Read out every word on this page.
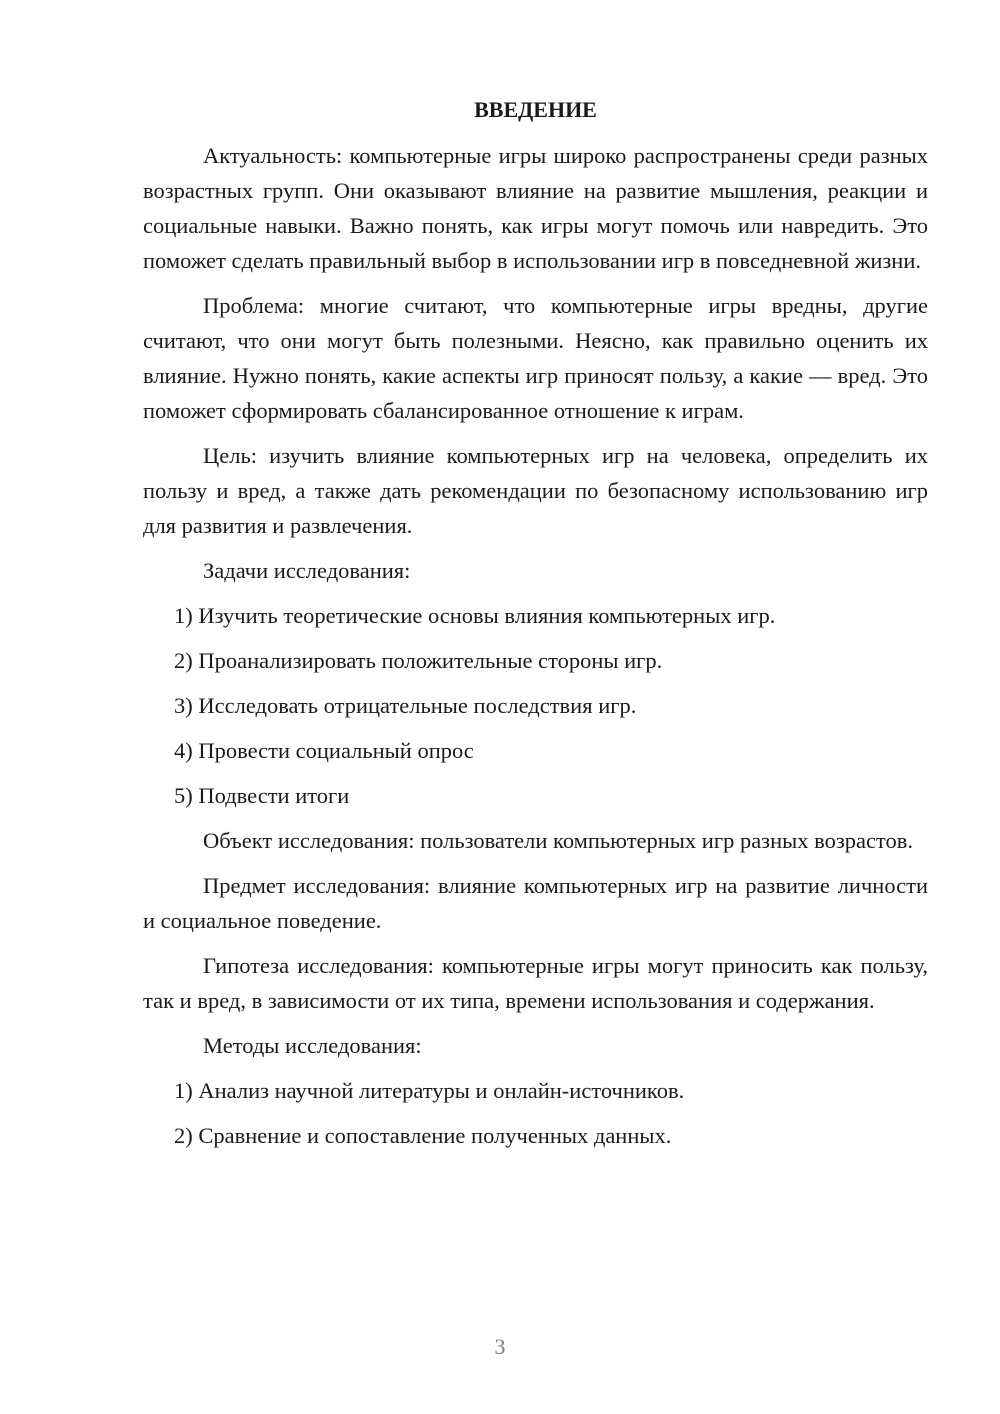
ВВЕДЕНИЕ
Актуальность: компьютерные игры широко распространены среди разных возрастных групп. Они оказывают влияние на развитие мышления, реакции и социальные навыки. Важно понять, как игры могут помочь или навредить. Это поможет сделать правильный выбор в использовании игр в повседневной жизни.
Проблема: многие считают, что компьютерные игры вредны, другие считают, что они могут быть полезными. Неясно, как правильно оценить их влияние. Нужно понять, какие аспекты игр приносят пользу, а какие — вред. Это поможет сформировать сбалансированное отношение к играм.
Цель: изучить влияние компьютерных игр на человека, определить их пользу и вред, а также дать рекомендации по безопасному использованию игр для развития и развлечения.
Задачи исследования:
1) Изучить теоретические основы влияния компьютерных игр.
2) Проанализировать положительные стороны игр.
3) Исследовать отрицательные последствия игр.
4) Провести социальный опрос
5) Подвести итоги
Объект исследования: пользователи компьютерных игр разных возрастов.
Предмет исследования: влияние компьютерных игр на развитие личности и социальное поведение.
Гипотеза исследования: компьютерные игры могут приносить как пользу, так и вред, в зависимости от их типа, времени использования и содержания.
Методы исследования:
1) Анализ научной литературы и онлайн-источников.
2) Сравнение и сопоставление полученных данных.
3
